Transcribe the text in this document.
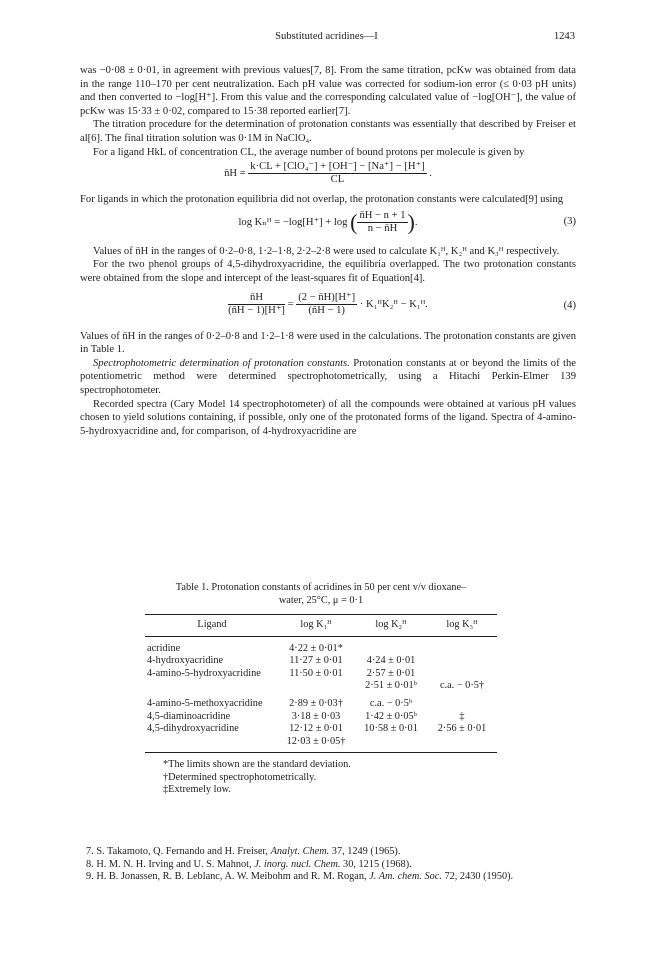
Substituted acridines—I	1243

was −0·08 ± 0·01, in agreement with previous values[7, 8]. From the same titration, pcKw was obtained from data in the range 110–170 per cent neutralization. Each pH value was corrected for sodium-ion error (≤ 0·03 pH units) and then converted to −log[H⁺]. From this value and the corresponding calculated value of −log[OH⁻], the value of pcKw was 15·33 ± 0·02, compared to 15·38 reported earlier[7].

The titration procedure for the determination of protonation constants was essentially that described by Freiser et al[6]. The final titration solution was 0·1M in NaClO₄.

For a ligand HkL of concentration CL, the average number of bound protons per molecule is given by

n̄H = $\frac{\text{k·CL + [ClO₄⁻] + [OH⁻] − [Na⁺] − [H⁺]}}{CL}$ .

For ligands in which the protonation equilibria did not overlap, the protonation constants were calculated[9] using

log Kₙᴴ = −log[H⁺] + log ( $\frac{n̄H - n + 1}{n - n̄H}$ ).	(3)

Values of n̄H in the ranges of 0·2–0·8, 1·2–1·8, 2·2–2·8 were used to calculate K₁ᴴ, K₂ᴴ and K₃ᴴ respectively.

For the two phenol groups of 4,5-dihydroxyacridine, the equilibria overlapped. The two protonation constants were obtained from the slope and intercept of the least-squares fit of Equation[4].

$\frac{n̄H}{(n̄H - 1)[H^+]} = \frac{(2 - n̄H)[H^+]}{(n̄H - 1)}$ · K₁ᴴK₂ᴴ − K₁ᴴ.	(4)

Values of n̄H in the ranges of 0·2–0·8 and 1·2–1·8 were used in the calculations. The protonation constants are given in Table 1.

Spectrophotometric determination of protonation constants. Protonation constants at or beyond the limits of the potentiometric method were determined spectrophotometrically, using a Hitachi Perkin-Elmer 139 spectrophotometer.

Recorded spectra (Cary Model 14 spectrophotometer) of all the compounds were obtained at various pH values chosen to yield solutions containing, if possible, only one of the protonated forms of the ligand. Spectra of 4-amino-5-hydroxyacridine and, for comparison, of 4-hydroxyacridine are

Table 1. Protonation constants of acridines in 50 per cent v/v dioxane–
water, 25°C, μ = 0·1
Ligand	log K₁ᴴ	log K₂ᴴ	log K₃ᴴ

acridine	4·22 ± 0·01*		
4-hydroxyacridine	11·27 ± 0·01	4·24 ± 0·01	
4-amino-5-hydroxyacridine	11·50 ± 0·01	2·57 ± 0·01	
		2·51 ± 0·01ᵇ	c.a. − 0·5†

4-amino-5-methoxyacridine	2·89 ± 0·03†	c.a. − 0·5ᵇ	
4,5-diaminoacridine	3·18 ± 0·03	1·42 ± 0·05ᵇ	‡
4,5-dihydroxyacridine	12·12 ± 0·01	10·58 ± 0·01	2·56 ± 0·01
	12·03 ± 0·05†		
*The limits shown are the standard deviation.
†Determined spectrophotometrically.
‡Extremely low.
7. S. Takamoto, Q. Fernando and H. Freiser, Analyt. Chem. 37, 1249 (1965).
8. H. M. N. H. Irving and U. S. Mahnot, J. inorg. nucl. Chem. 30, 1215 (1968).
9. H. B. Jonassen, R. B. Leblanc, A. W. Meibohm and R. M. Rogan, J. Am. chem. Soc. 72, 2430 (1950).
